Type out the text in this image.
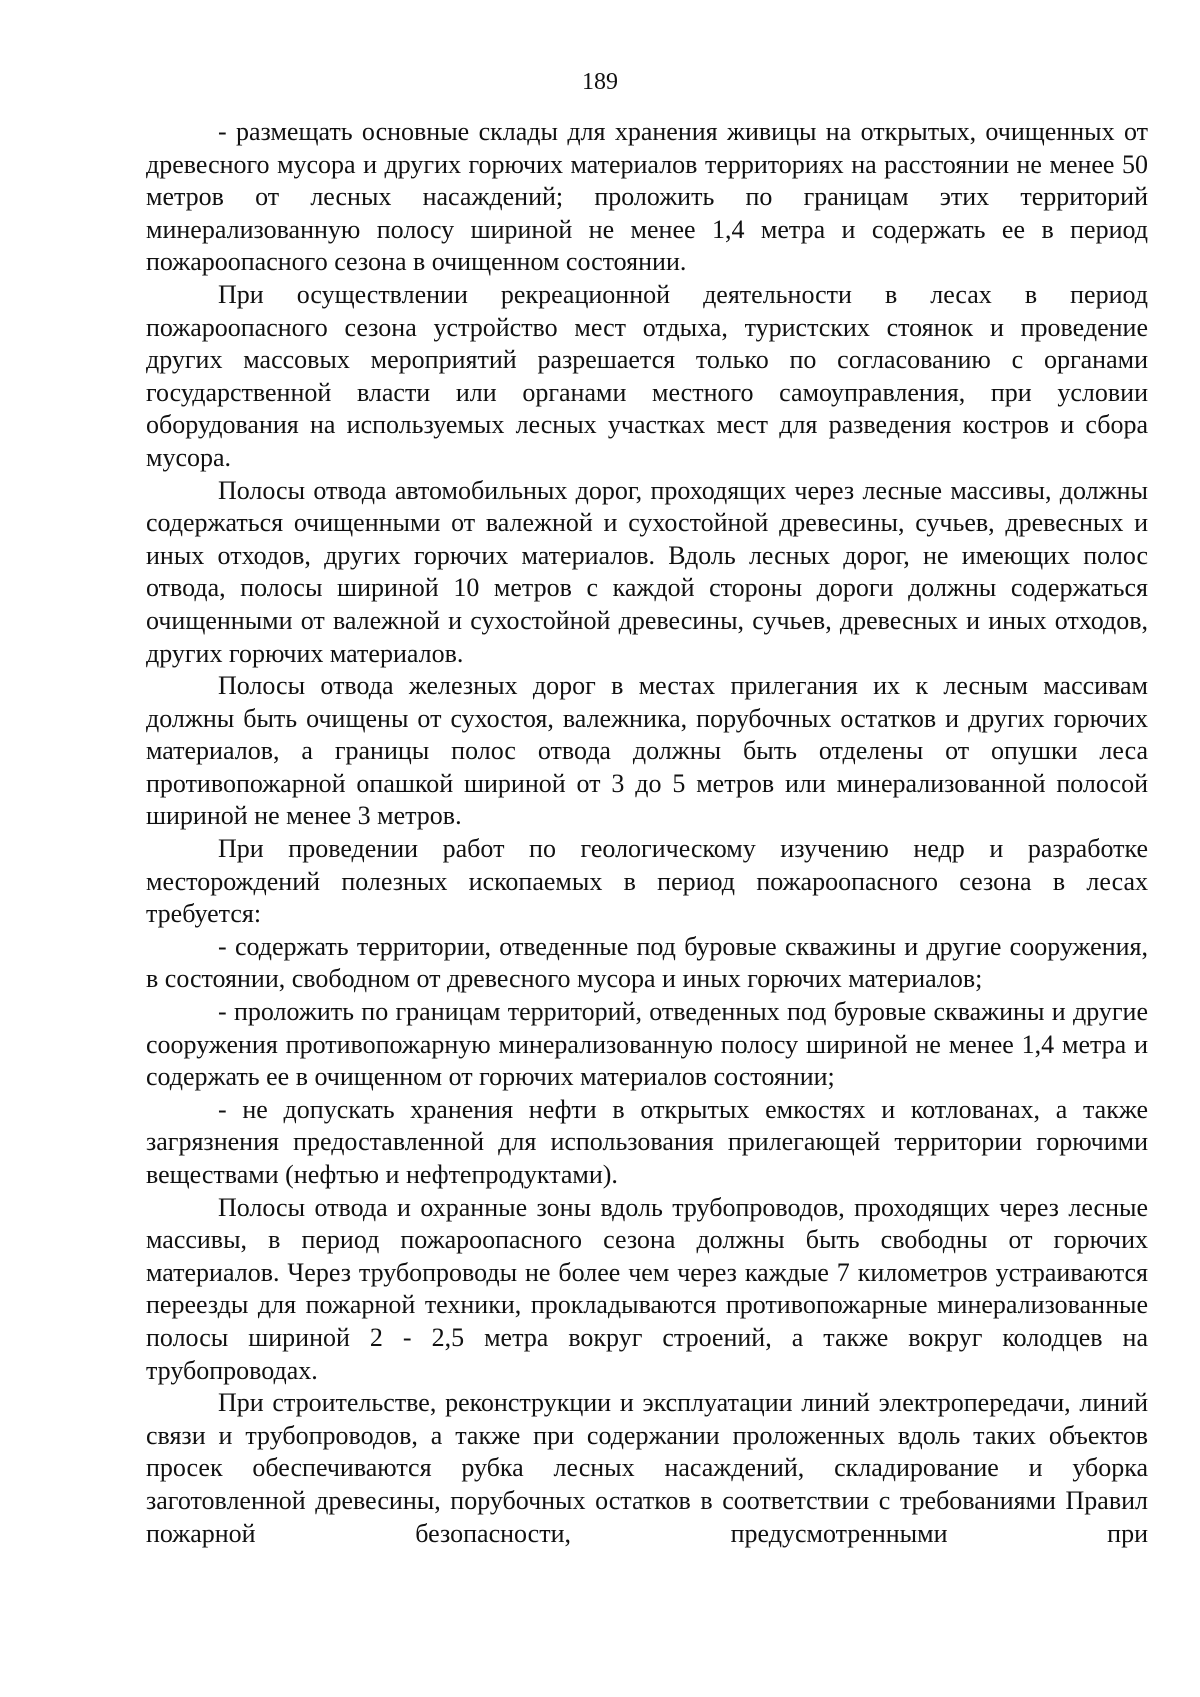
189

- размещать основные склады для хранения живицы на открытых, очищенных от древесного мусора и других горючих материалов территориях на расстоянии не менее 50 метров от лесных насаждений; проложить по границам этих территорий минерализованную полосу шириной не менее 1,4 метра и содержать ее в период пожароопасного сезона в очищенном состоянии.

При осуществлении рекреационной деятельности в лесах в период пожароопасного сезона устройство мест отдыха, туристских стоянок и проведение других массовых мероприятий разрешается только по согласованию с органами государственной власти или органами местного самоуправления, при условии оборудования на используемых лесных участках мест для разведения костров и сбора мусора.

Полосы отвода автомобильных дорог, проходящих через лесные массивы, должны содержаться очищенными от валежной и сухостойной древесины, сучьев, древесных и иных отходов, других горючих материалов. Вдоль лесных дорог, не имеющих полос отвода, полосы шириной 10 метров с каждой стороны дороги должны содержаться очищенными от валежной и сухостойной древесины, сучьев, древесных и иных отходов, других горючих материалов.

Полосы отвода железных дорог в местах прилегания их к лесным массивам должны быть очищены от сухостоя, валежника, порубочных остатков и других горючих материалов, а границы полос отвода должны быть отделены от опушки леса противопожарной опашкой шириной от 3 до 5 метров или минерализованной полосой шириной не менее 3 метров.

При проведении работ по геологическому изучению недр и разработке месторождений полезных ископаемых в период пожароопасного сезона в лесах требуется:

- содержать территории, отведенные под буровые скважины и другие сооружения, в состоянии, свободном от древесного мусора и иных горючих материалов;

- проложить по границам территорий, отведенных под буровые скважины и другие сооружения противопожарную минерализованную полосу шириной не менее 1,4 метра и содержать ее в очищенном от горючих материалов состоянии;

- не допускать хранения нефти в открытых емкостях и котлованах, а также загрязнения предоставленной для использования прилегающей территории горючими веществами (нефтью и нефтепродуктами).

Полосы отвода и охранные зоны вдоль трубопроводов, проходящих через лесные массивы, в период пожароопасного сезона должны быть свободны от горючих материалов. Через трубопроводы не более чем через каждые 7 километров устраиваются переезды для пожарной техники, прокладываются противопожарные минерализованные полосы шириной 2 - 2,5 метра вокруг строений, а также вокруг колодцев на трубопроводах.

При строительстве, реконструкции и эксплуатации линий электропередачи, линий связи и трубопроводов, а также при содержании проложенных вдоль таких объектов просек обеспечиваются рубка лесных насаждений, складирование и уборка заготовленной древесины, порубочных остатков в соответствии с требованиями Правил пожарной безопасности, предусмотренными при
